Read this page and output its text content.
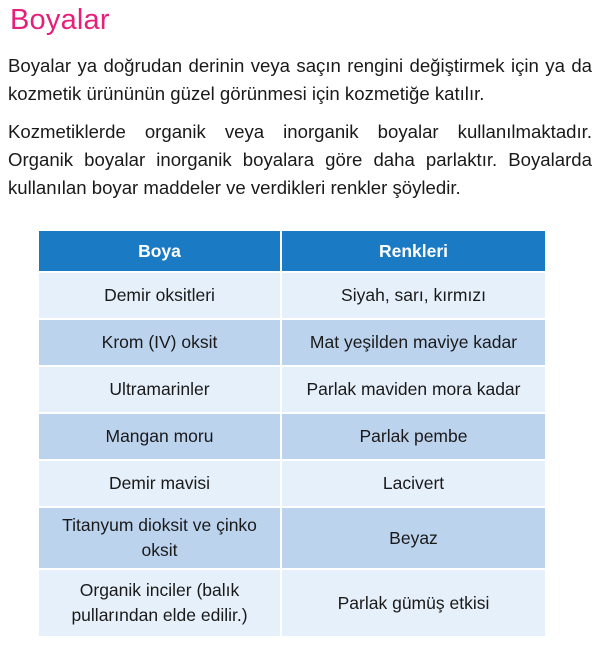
Boyalar

Boyalar ya doğrudan derinin veya saçın rengini değiştirmek için ya da kozmetik ürününün güzel görünmesi için kozmetiğe katılır.

Kozmetiklerde organik veya inorganik boyalar kullanılmaktadır. Organik boyalar inorganik boyalara göre daha parlaktır. Boyalarda kullanılan boyar maddeler ve verdikleri renkler şöyledir.

Boya	Renkleri
Demir oksitleri	Siyah, sarı, kırmızı
Krom (IV) oksit	Mat yeşilden maviye kadar
Ultramarinler	Parlak maviden mora kadar
Mangan moru	Parlak pembe
Demir mavisi	Lacivert
Titanyum dioksit ve çinko oksit	Beyaz
Organik inciler (balık pullarından elde edilir.)	Parlak gümüş etkisi
